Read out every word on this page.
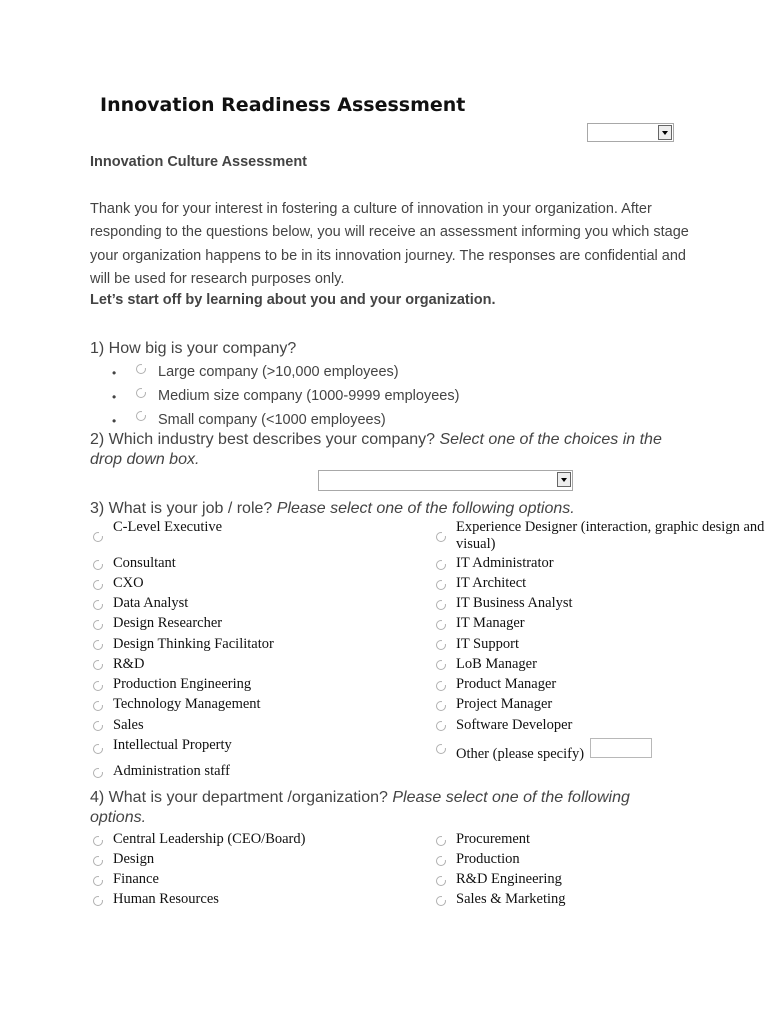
Innovation Readiness Assessment
Innovation Culture Assessment
Thank you for your interest in fostering a culture of innovation in your organization. After responding to the questions below, you will receive an assessment informing you which stage your organization happens to be in its innovation journey. The responses are confidential and will be used for research purposes only.
Let’s start off by learning about you and your organization.
1) How big is your company?
•	Large company (>10,000 employees)
•	Medium size company (1000-9999 employees)
•	Small company (<1000 employees)
2) Which industry best describes your company? Select one of the choices in the drop down box.
3) What is your job / role? Please select one of the following options.
C-Level Executive
Consultant
CXO
Data Analyst
Design Researcher
Design Thinking Facilitator
R&D
Production Engineering
Technology Management
Sales
Intellectual Property
Administration staff
Experience Designer (interaction, graphic design and visual)
IT Administrator
IT Architect
IT Business Analyst
IT Manager
IT Support
LoB Manager
Product Manager
Project Manager
Software Developer
Other (please specify)
4) What is your department /organization? Please select one of the following options.
Central Leadership (CEO/Board)
Design
Finance
Human Resources
Procurement
Production
R&D Engineering
Sales & Marketing
